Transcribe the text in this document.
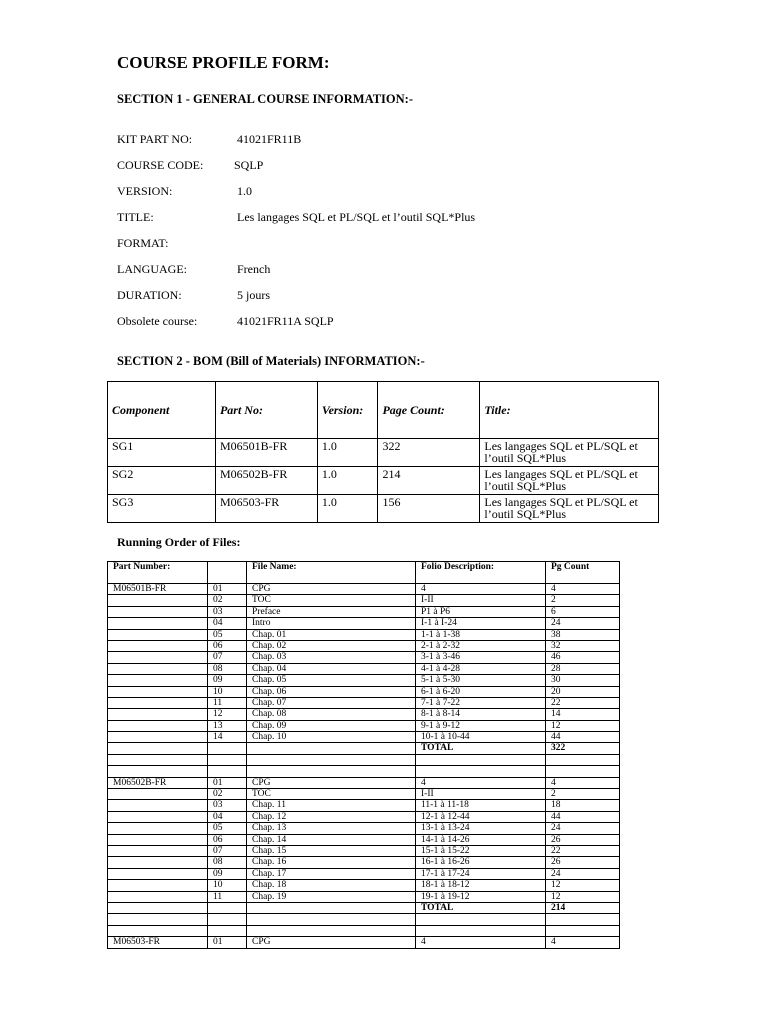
COURSE PROFILE FORM:
SECTION 1 - GENERAL COURSE INFORMATION:-
KIT PART NO:	41021FR11B
COURSE CODE:	SQLP
VERSION:	1.0
TITLE:	Les langages SQL et PL/SQL et l’outil SQL*Plus
FORMAT:
LANGUAGE:	French
DURATION:	5 jours
Obsolete course:	41021FR11A SQLP
SECTION 2 - BOM (Bill of Materials) INFORMATION:-
Component	Part No:	Version:	Page Count:	Title:
SG1	M06501B-FR	1.0	322	Les langages SQL et PL/SQL et l’outil SQL*Plus
SG2	M06502B-FR	1.0	214	Les langages SQL et PL/SQL et l’outil SQL*Plus
SG3	M06503-FR	1.0	156	Les langages SQL et PL/SQL et l’outil SQL*Plus
Running Order of Files:
Part Number:			File Name:	Folio Description:	Pg Count
M06501B-FR	01		CPG	4	4
	02		TOC	I-II	2
	03		Preface	P1 à P6	6
	04		Intro	I-1 à I-24	24
	05		Chap. 01	1-1 à 1-38	38
	06		Chap. 02	2-1 à 2-32	32
	07		Chap. 03	3-1 à 3-46	46
	08		Chap. 04	4-1 à 4-28	28
	09		Chap. 05	5-1 à 5-30	30
	10		Chap. 06	6-1 à 6-20	20
	11		Chap. 07	7-1 à 7-22	22
	12		Chap. 08	8-1 à 8-14	14
	13		Chap. 09	9-1 à 9-12	12
	14		Chap. 10	10-1 à 10-44	44
				TOTAL	322

M06502B-FR	01		CPG	4	4
	02		TOC	I-II	2
	03		Chap. 11	11-1 à 11-18	18
	04		Chap. 12	12-1 à 12-44	44
	05		Chap. 13	13-1 à 13-24	24
	06		Chap. 14	14-1 à 14-26	26
	07		Chap. 15	15-1 à 15-22	22
	08		Chap. 16	16-1 à 16-26	26
	09		Chap. 17	17-1 à 17-24	24
	10		Chap. 18	18-1 à 18-12	12
	11		Chap. 19	19-1 à 19-12	12
				TOTAL	214

M06503-FR	01		CPG	4	4
